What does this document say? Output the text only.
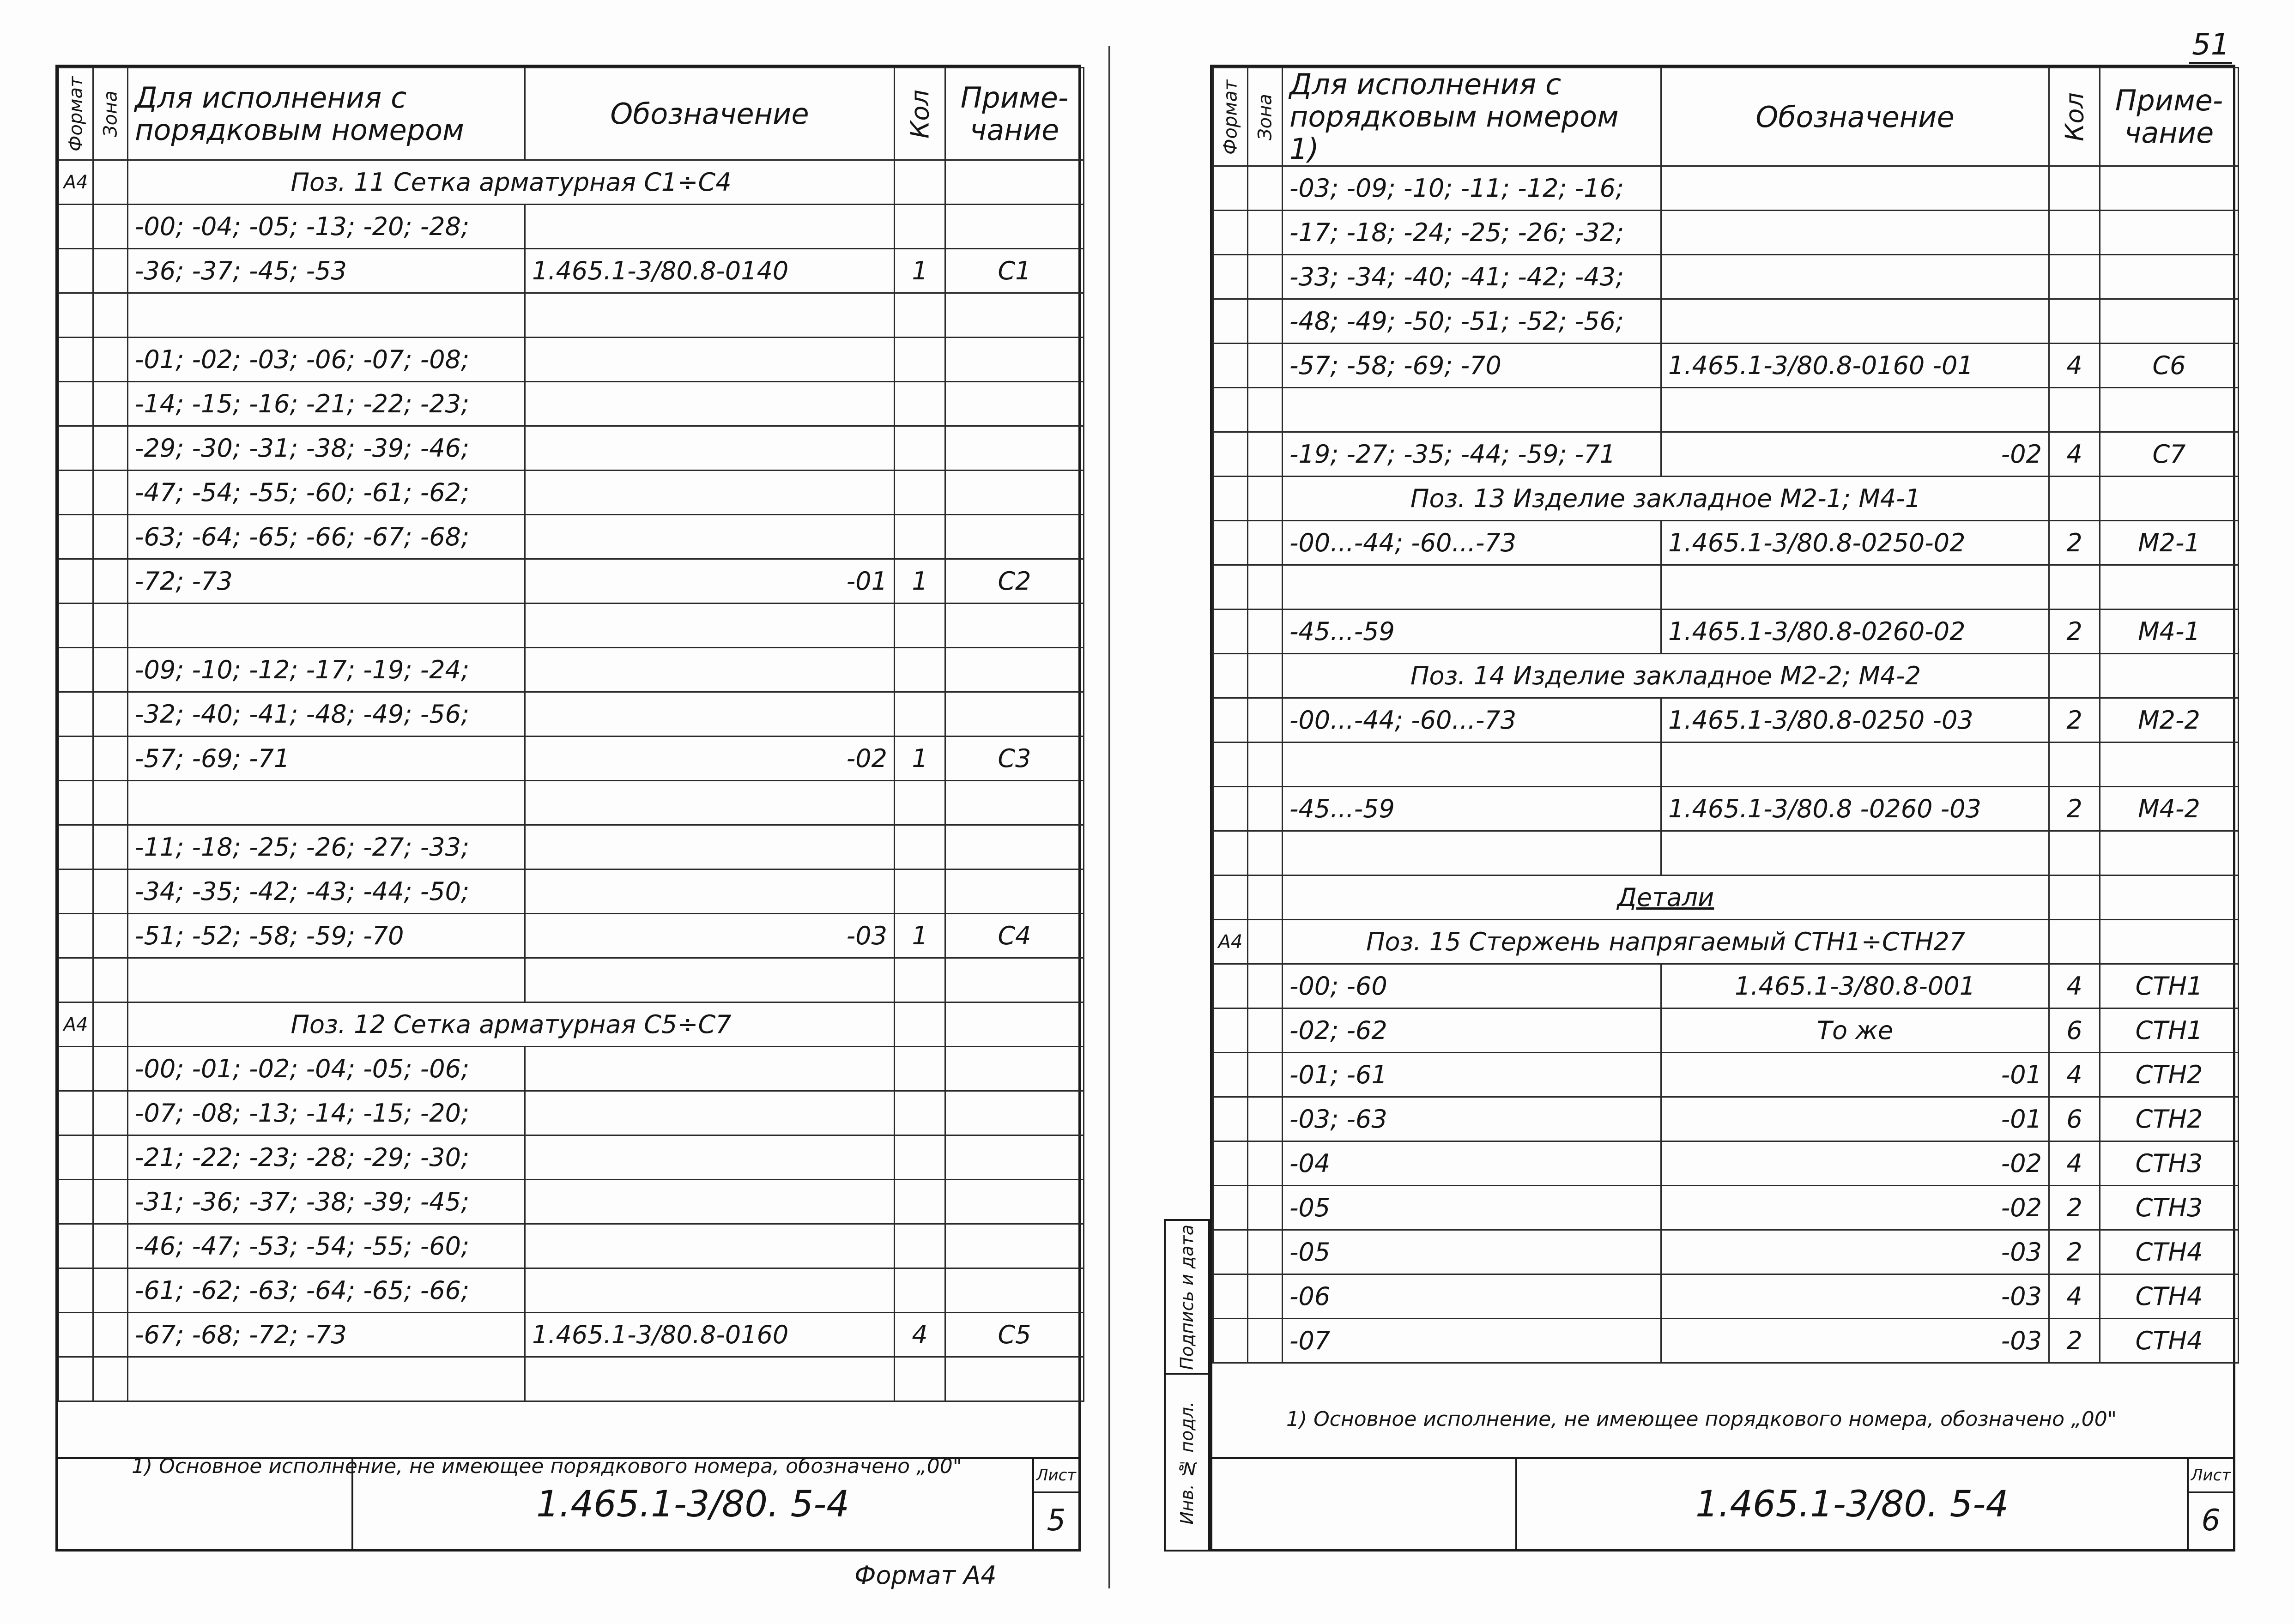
51
Формат	Зона	Для исполнения с порядковым номером	Обозначение	Кол	Приме-чание
А4		Поз. 11 Сетка арматурная С1÷С4			
		-00; -04; -05; -13; -20; -28;			
		-36; -37; -45; -53	1.465.1-3/80.8-0140	1	С1

		-01; -02; -03; -06; -07; -08;			
		-14; -15; -16; -21; -22; -23;			
		-29; -30; -31; -38; -39; -46;			
		-47; -54; -55; -60; -61; -62;			
		-63; -64; -65; -66; -67; -68;			
		-72; -73	-01	1	С2

		-09; -10; -12; -17; -19; -24;			
		-32; -40; -41; -48; -49; -56;			
		-57; -69; -71	-02	1	С3

		-11; -18; -25; -26; -27; -33;			
		-34; -35; -42; -43; -44; -50;			
		-51; -52; -58; -59; -70	-03	1	С4

А4		Поз. 12 Сетка арматурная С5÷С7			
		-00; -01; -02; -04; -05; -06;			
		-07; -08; -13; -14; -15; -20;			
		-21; -22; -23; -28; -29; -30;			
		-31; -36; -37; -38; -39; -45;			
		-46; -47; -53; -54; -55; -60;			
		-61; -62; -63; -64; -65; -66;			
		-67; -68; -72; -73	1.465.1-3/80.8-0160	4	С5

1) Основное исполнение, не имеющее порядкового номера, обозначено „00"
1.465.1-3/80. 5-4
Лист
5
Формат А4
Подпись и дата
Инв. № подл.
Формат	Зона	Для исполнения с порядковым номером 1)	Обозначение	Кол	Приме-чание
		-03; -09; -10; -11; -12; -16;			
		-17; -18; -24; -25; -26; -32;			
		-33; -34; -40; -41; -42; -43;			
		-48; -49; -50; -51; -52; -56;			
		-57; -58; -69; -70	1.465.1-3/80.8-0160 -01	4	С6

		-19; -27; -35; -44; -59; -71	-02	4	С7
		Поз. 13 Изделие закладное М2-1; М4-1			
		-00...-44; -60...-73	1.465.1-3/80.8-0250-02	2	М2-1

		-45...-59	1.465.1-3/80.8-0260-02	2	М4-1
		Поз. 14 Изделие закладное М2-2; М4-2			
		-00...-44; -60...-73	1.465.1-3/80.8-0250 -03	2	М2-2

		-45...-59	1.465.1-3/80.8 -0260 -03	2	М4-2

		Детали			
А4		Поз. 15 Стержень напрягаемый СТН1÷СТН27			
		-00; -60	1.465.1-3/80.8-001	4	СТН1
		-02; -62	То же	6	СТН1
		-01; -61	-01	4	СТН2
		-03; -63	-01	6	СТН2
		-04	-02	4	СТН3
		-05	-02	2	СТН3
		-05	-03	2	СТН4
		-06	-03	4	СТН4
		-07	-03	2	СТН4
1) Основное исполнение, не имеющее порядкового номера, обозначено „00"
1.465.1-3/80. 5-4
Лист
6
